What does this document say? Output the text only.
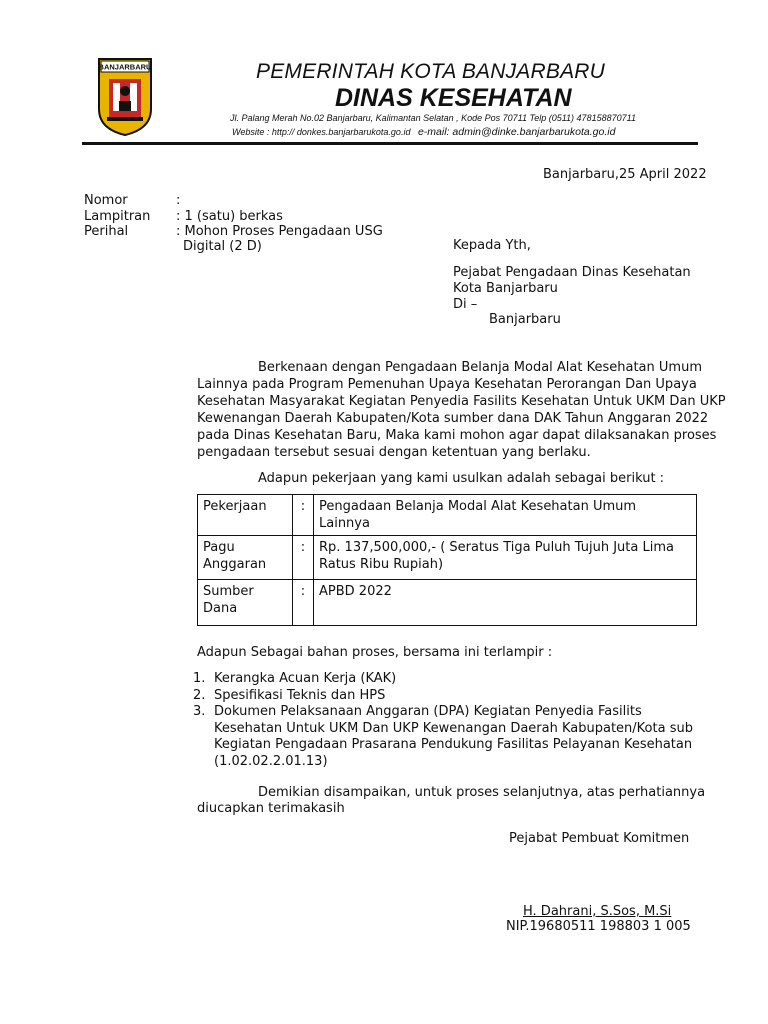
BANJARBARU	PEMERINTAH KOTA BANJARBARU
DINAS KESEHATAN
Jl. Palang Merah No.02 Banjarbaru, Kalimantan Selatan , Kode Pos 70711 Telp (0511) 478158870711
Website : http:// donkes.banjarbarukota.go.id e-mail: admin@dinke.banjarbarukota.go.id
Banjarbaru,25 April 2022
Nomor	:
Lampitran : 1 (satu) berkas
Perihal	: Mohon Proses Pengadaan USG
Digital (2 D)	Kepada Yth,
Pejabat Pengadaan Dinas Kesehatan
Kota Banjarbaru
Di –
Banjarbaru
Berkenaan dengan Pengadaan Belanja Modal Alat Kesehatan Umum
Lainnya pada Program Pemenuhan Upaya Kesehatan Perorangan Dan Upaya
Kesehatan Masyarakat Kegiatan Penyedia Fasilits Kesehatan Untuk UKM Dan UKP
Kewenangan Daerah Kabupaten/Kota sumber dana DAK Tahun Anggaran 2022
pada Dinas Kesehatan Baru, Maka kami mohon agar dapat dilaksanakan proses
pengadaan tersebut sesuai dengan ketentuan yang berlaku.
Adapun pekerjaan yang kami usulkan adalah sebagai berikut :
Pekerjaan	:	Pengadaan Belanja Modal Alat Kesehatan Umum Lainnya
Pagu Anggaran	:	Rp. 137,500,000,- ( Seratus Tiga Puluh Tujuh Juta Lima Ratus Ribu Rupiah)
Sumber Dana	:	APBD 2022
Adapun Sebagai bahan proses, bersama ini terlampir :
1. Kerangka Acuan Kerja (KAK)
2. Spesifikasi Teknis dan HPS
3. Dokumen Pelaksanaan Anggaran (DPA) Kegiatan Penyedia Fasilits Kesehatan Untuk UKM Dan UKP Kewenangan Daerah Kabupaten/Kota sub Kegiatan Pengadaan Prasarana Pendukung Fasilitas Pelayanan Kesehatan (1.02.02.2.01.13)
Demikian disampaikan, untuk proses selanjutnya, atas perhatiannya
diucapkan terimakasih
Pejabat Pembuat Komitmen
H. Dahrani, S.Sos, M.Si
NIP.19680511 198803 1 005
